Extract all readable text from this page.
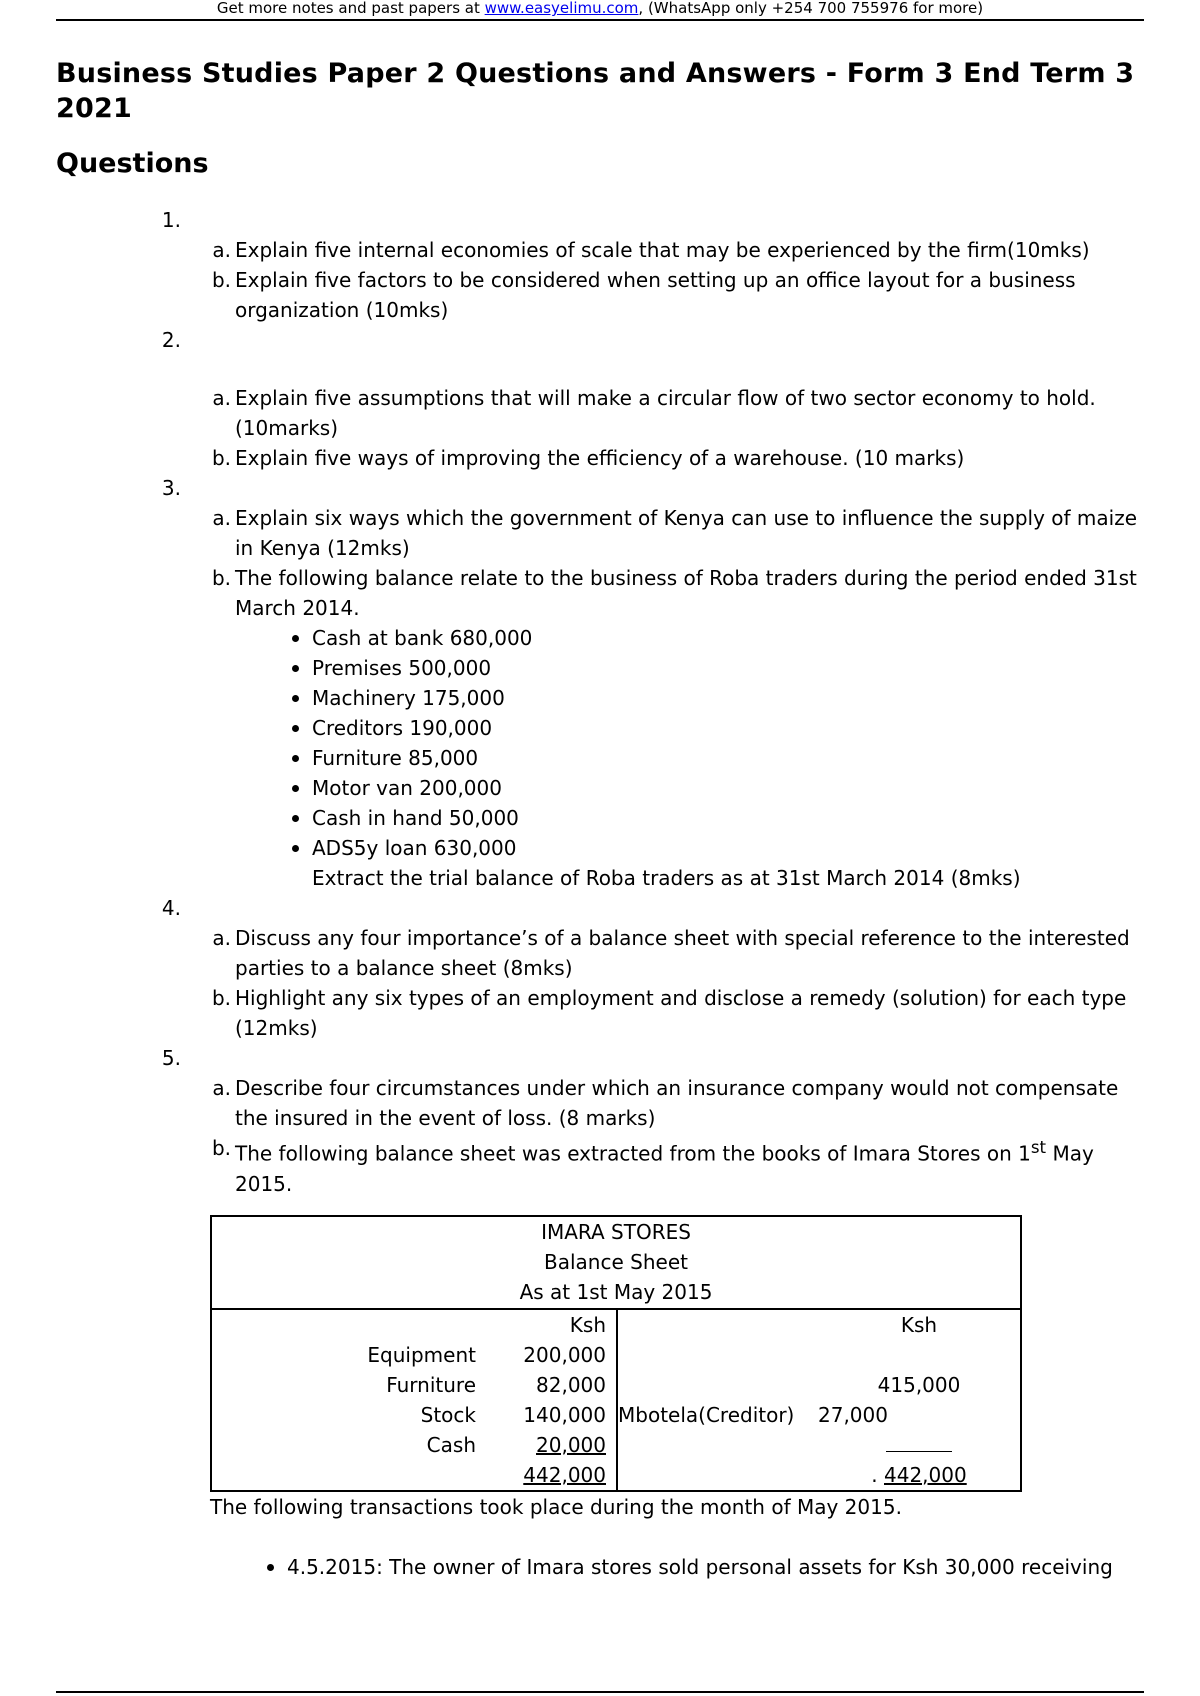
Get more notes and past papers at www.easyelimu.com, (WhatsApp only +254 700 755976 for more)
Business Studies Paper 2 Questions and Answers - Form 3 End Term 3 2021
Questions
1 .
a . Explain five internal economies of scale that may be experienced by the firm(10mks)
b . Explain five factors to be considered when setting up an office layout for a business organization (10mks)
2 .
a . Explain five assumptions that will make a circular flow of two sector economy to hold. (10marks)
b . Explain five ways of improving the efficiency of a warehouse. (10 marks)
3 .
a . Explain six ways which the government of Kenya can use to influence the supply of maize in Kenya (12mks)
b . The following balance relate to the business of Roba traders during the period ended 31st March 2014.
Cash at bank 680,000
Premises 500,000
Machinery 175,000
Creditors 190,000
Furniture 85,000
Motor van 200,000
Cash in hand 50,000
ADS5y loan 630,000
Extract the trial balance of Roba traders as at 31st March 2014 (8mks)
4 .
a . Discuss any four importance’s of a balance sheet with special reference to the interested parties to a balance sheet (8mks)
b . Highlight any six types of an employment and disclose a remedy (solution) for each type (12mks)
5 .
a . Describe four circumstances under which an insurance company would not compensate the insured in the event of loss. (8 marks)
b . The following balance sheet was extracted from the books of Imara Stores on 1st May 2015.
IMARA STORES
Balance Sheet
As at 1st May 2015			

	Ksh		Ksh
Equipment	200,000		
Furniture	82,000		415,000
Stock	140,000	Mbotela(Creditor)	27,000
Cash	20,000		
	442,000		. 442,000
The following transactions took place during the month of May 2015.
4.5.2015: The owner of Imara stores sold personal assets for Ksh 30,000 receiving
